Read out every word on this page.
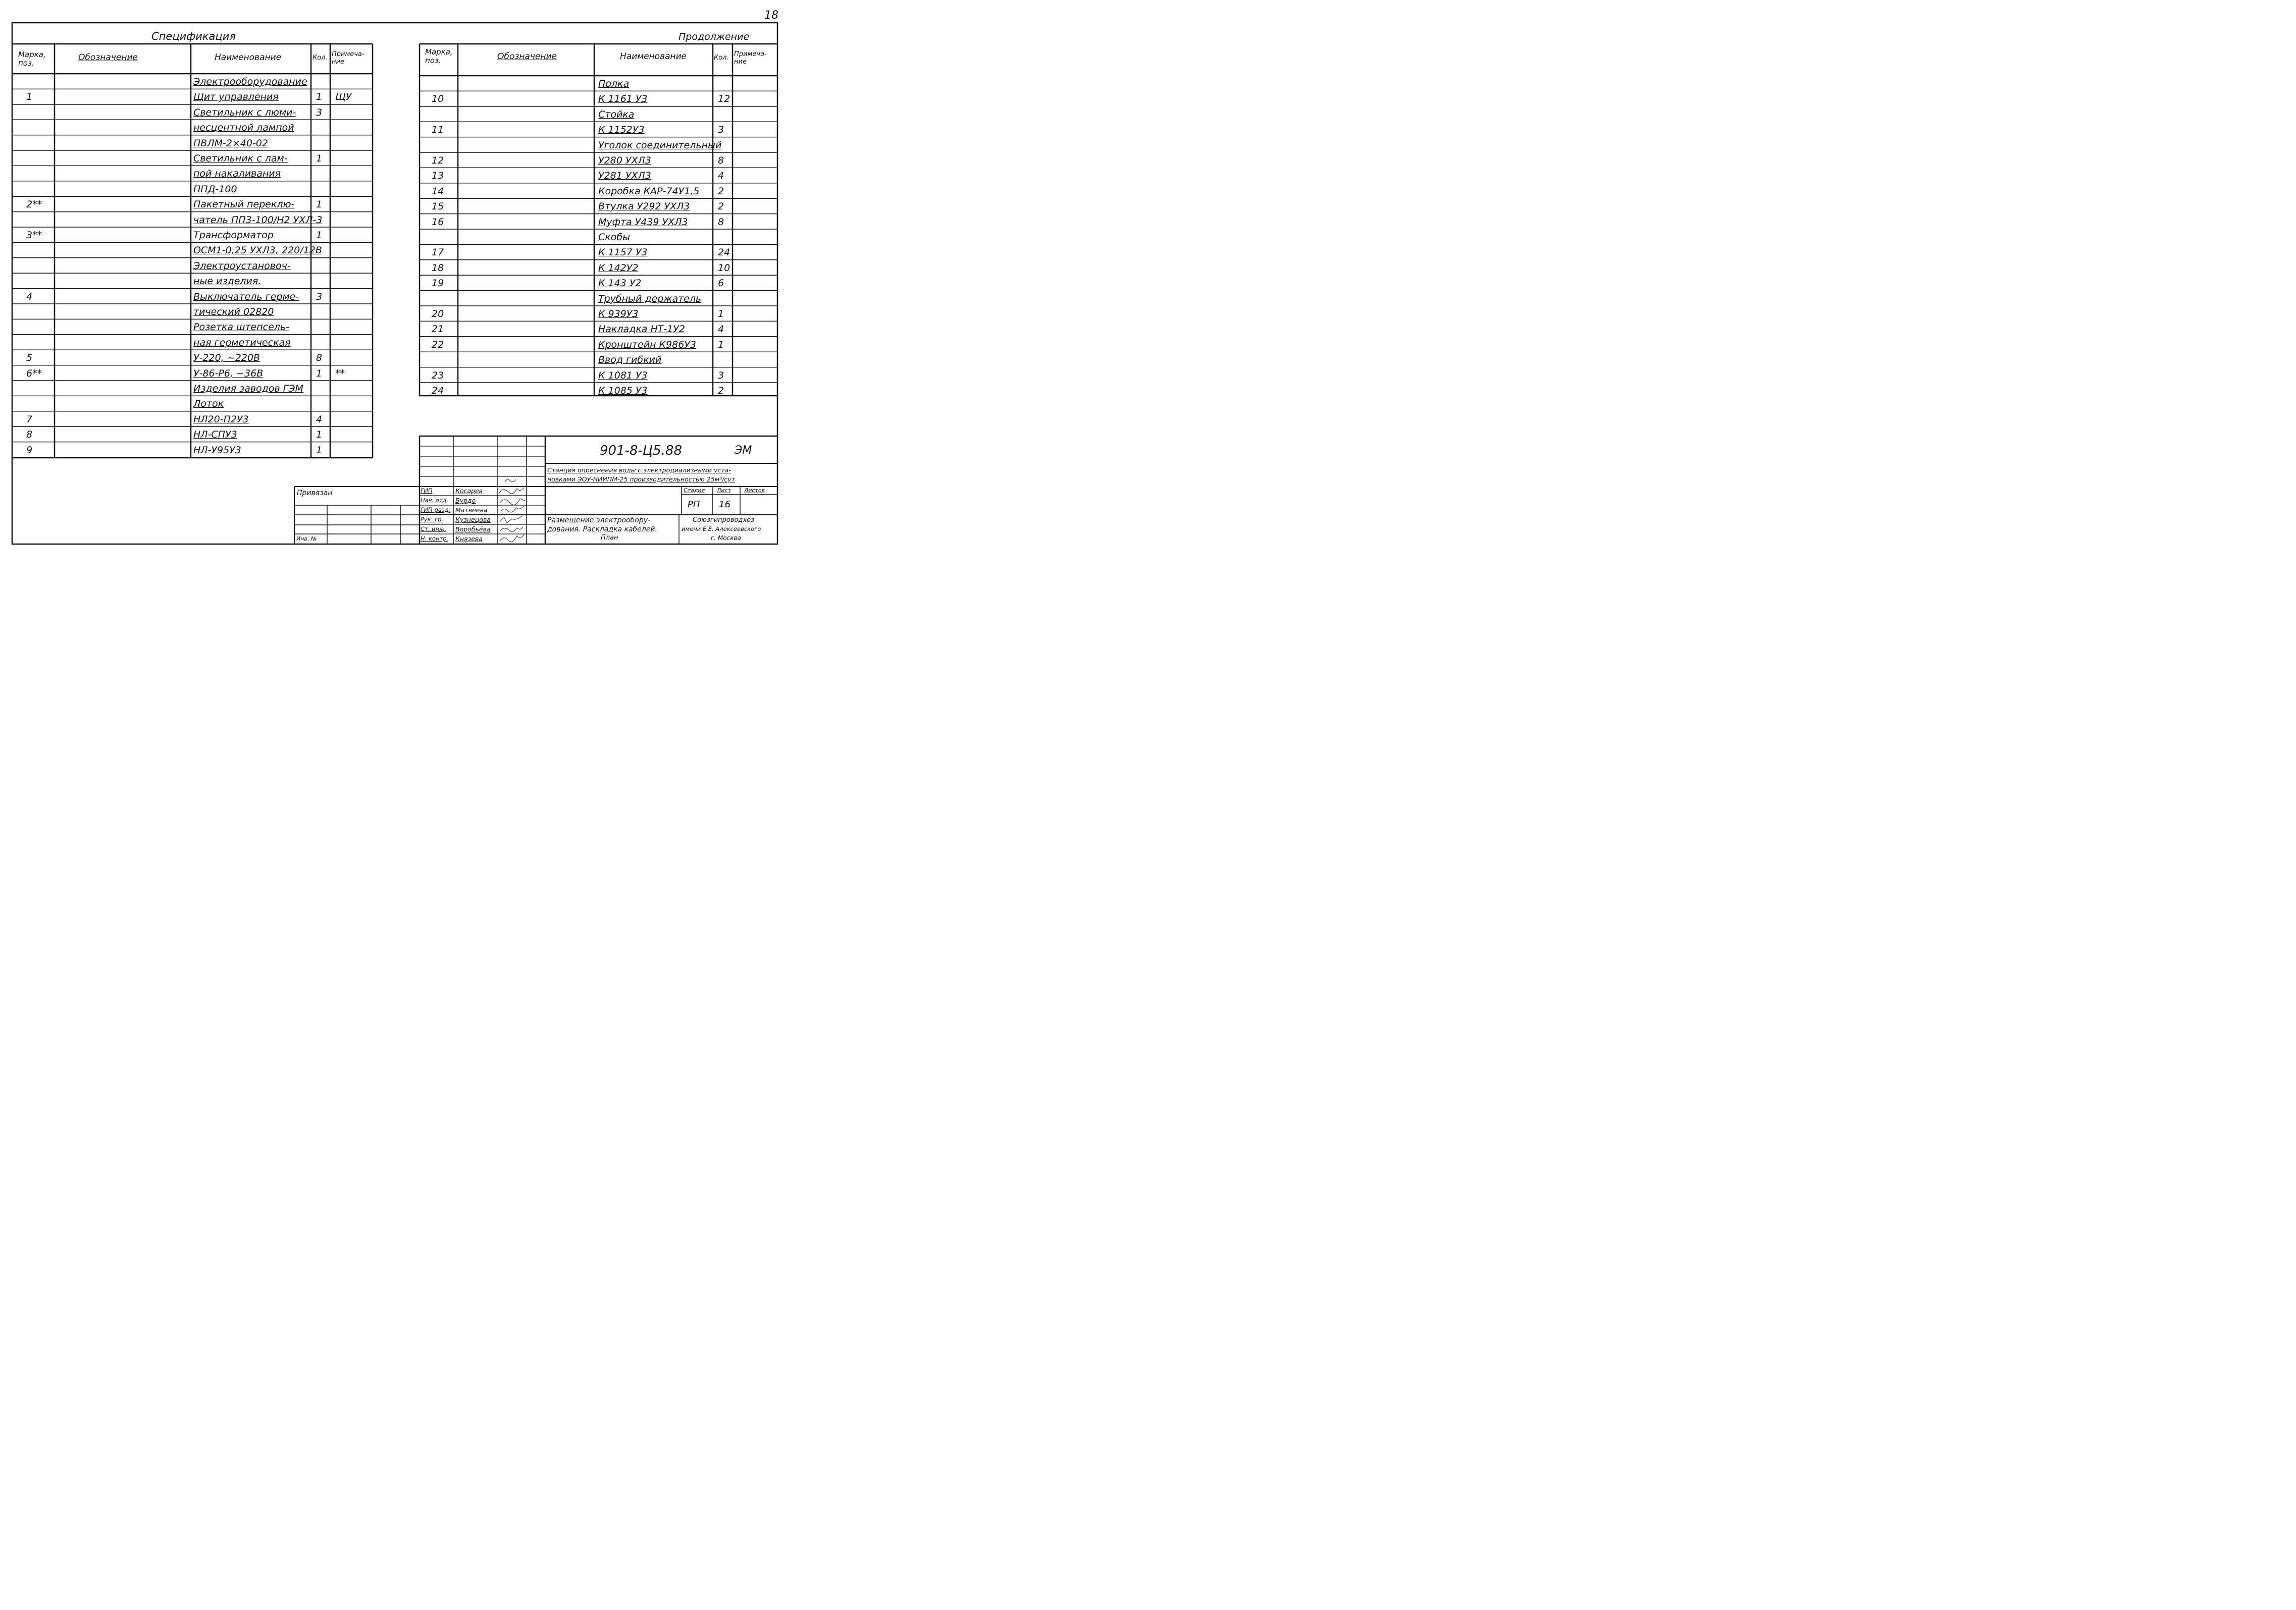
18
Спецификация
Марка, поз.
Обозначение	Наименование	Кол. Примеча- ние
Электрооборудование
1	Щит управления	1 ЩУ
Светильник с люми- 3
несцентной лампой
ПВЛМ-2×40-02
Светильник с лам-	1
пой накаливания
ППД-100
2**	Пакетный переклю- 1
чатель ПП3-100/Н2 УХЛ-3
3**	Трансформатор	1
ОСМ1-0,25 УХЛ3, 220/12В
Электроустановоч-
ные изделия.
4	Выключатель герме- 3
тический 02820
Розетка штепсель-
ная герметическая
5	У-220, ~220В	8
6**	У-86-Р6, ~36В	1 **
Изделия заводов ГЭМ
Лоток
7	НЛ20-П2У3	4
8	НЛ-СПУ3	1
9	НЛ-У95У3	1
Продолжение
Марка, поз.	Обозначение	Наименование	Кол. Примеча- ние
Полка
10	К 1161 У3	12
Стойка
11	К 1152У3	3
Уголок соединительный
12	У280 УХЛ3	8
13	У281 УХЛ3	4
14	Коробка КАР-74У1,5 2
15	Втулка У292 УХЛ3	2
16	Муфта У439 УХЛ3	8
Скобы
17	К 1157 У3	24
18	К 142У2	10
19	К 143 У2	6
Трубный держатель
20	К 939У3	1
21	Накладка НТ-1У2	4
22	Кронштейн К986У3 1
Ввод гибкий
23	К 1081 У3	3
24	К 1085 У3	2
901-8-Ц5.88	ЭМ
Станция опреснения воды с электродиализными уста-
новками ЭОУ-НИИПМ-25 производительностью 25м³/сут
Стадия Лист Листов
РП 16
Размещение электрообору-
дования. Раскладка кабелей.
План
Союзгипроводхоз
имени Е.Е. Алексеевского
г. Москва
Привязан
Инв. №
ГИП	Косарев
Нач. отд. Бурдо
ГИП разд. Матвеева
Рук. гр. Кузнецова
Ст. инж. Воробьёва
Н. контр. Князева
